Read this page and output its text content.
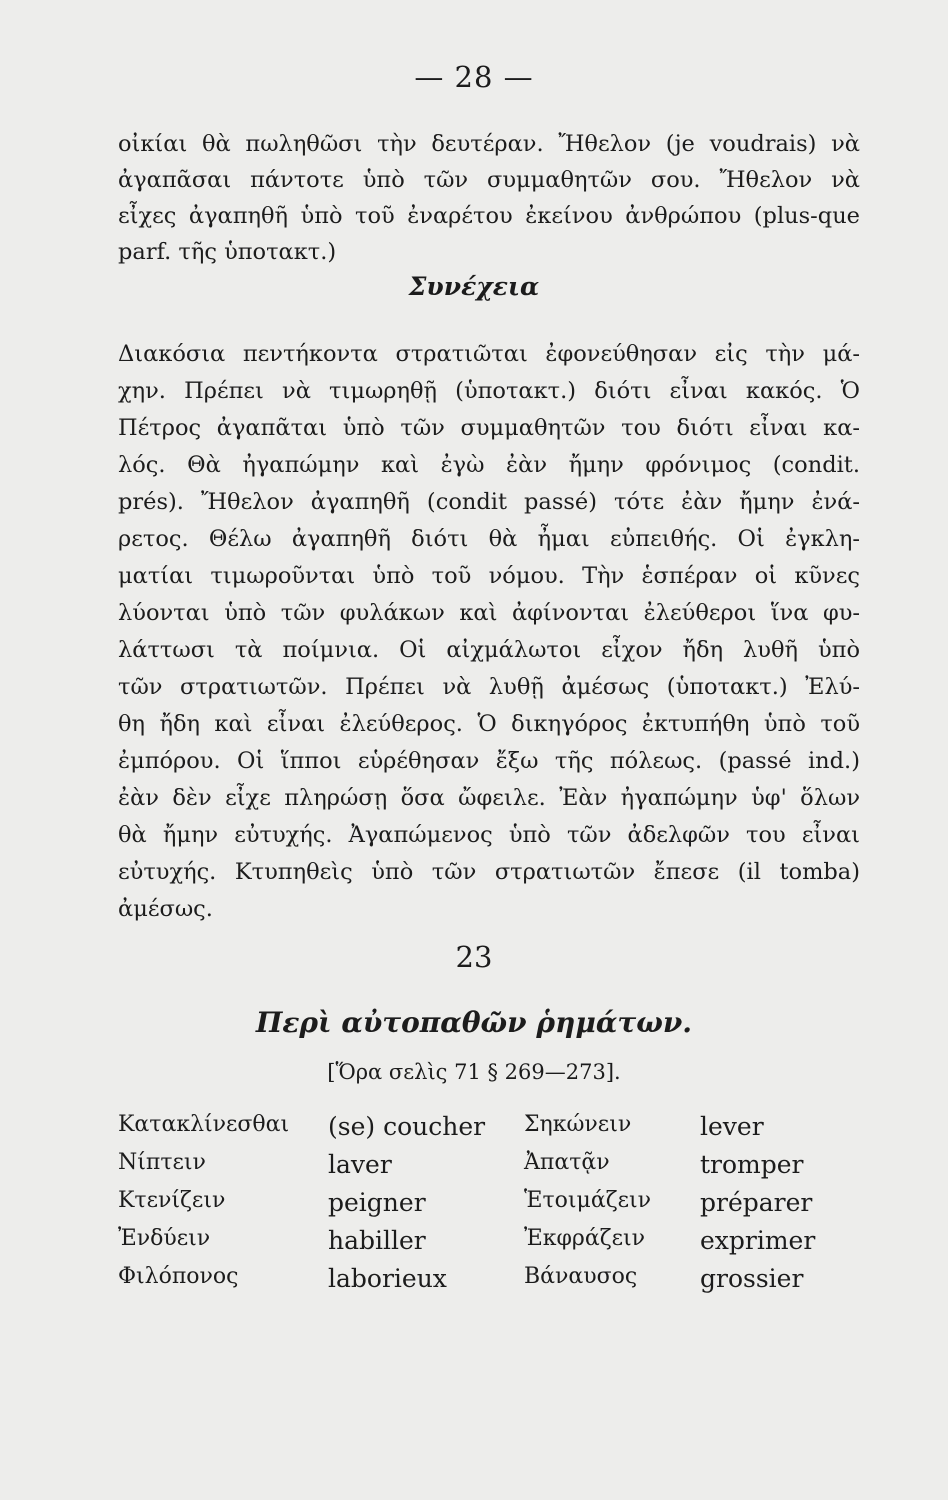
— 28 —
οἰκίαι θὰ πωληθῶσι τὴν δευτέραν. Ἤθελον (je voudrais) νὰ
ἀγαπᾶσαι πάντοτε ὑπὸ τῶν συμμαθητῶν σου. Ἤθελον νὰ
εἶχες ἀγαπηθῆ ὑπὸ τοῦ ἐναρέτου ἐκείνου ἀνθρώπου (plus-que
parf. τῆς ὑποτακτ.)
Συνέχεια
Διακόσια πεντήκοντα στρατιῶται ἐφονεύθησαν εἰς τὴν μά-
χην. Πρέπει νὰ τιμωρηθῇ (ὑποτακτ.) διότι εἶναι κακός. Ὁ
Πέτρος ἀγαπᾶται ὑπὸ τῶν συμμαθητῶν του διότι εἶναι κα-
λός. Θὰ ἠγαπώμην καὶ ἐγὼ ἐὰν ἤμην φρόνιμος (condit.
prés). Ἤθελον ἀγαπηθῆ (condit passé) τότε ἐὰν ἤμην ἐνά-
ρετος. Θέλω ἀγαπηθῆ διότι θὰ ἦμαι εὐπειθής. Οἱ ἐγκλη-
ματίαι τιμωροῦνται ὑπὸ τοῦ νόμου. Τὴν ἑσπέραν οἱ κῦνες
λύονται ὑπὸ τῶν φυλάκων καὶ ἀφίνονται ἐλεύθεροι ἵνα φυ-
λάττωσι τὰ ποίμνια. Οἱ αἰχμάλωτοι εἶχον ἤδη λυθῆ ὑπὸ
τῶν στρατιωτῶν. Πρέπει νὰ λυθῇ ἀμέσως (ὑποτακτ.) Ἐλύ-
θη ἤδη καὶ εἶναι ἐλεύθερος. Ὁ δικηγόρος ἐκτυπήθη ὑπὸ τοῦ
ἐμπόρου. Οἱ ἵπποι εὑρέθησαν ἔξω τῆς πόλεως. (passé ind.)
ἐὰν δὲν εἶχε πληρώσῃ ὅσα ὤφειλε. Ἐὰν ἠγαπώμην ὑφ' ὅλων
θὰ ἤμην εὐτυχής. Ἀγαπώμενος ὑπὸ τῶν ἀδελφῶν του εἶναι
εὐτυχής. Κτυπηθεὶς ὑπὸ τῶν στρατιωτῶν ἔπεσε (il tomba)
ἀμέσως.
23
Περὶ αὐτοπαθῶν ῥημάτων.
[Ὅρα σελὶς 71 § 269—273].
Κατακλίνεσθαι (se) coucher Σηκώνειν	lever
Νίπτειν	laver	Ἀπατᾷν	tromper
Κτενίζειν	peigner	Ἑτοιμάζειν préparer
Ἐνδύειν	habiller	Ἐκφράζειν exprimer
Φιλόπονος	laborieux	Βάναυσος	grossier
